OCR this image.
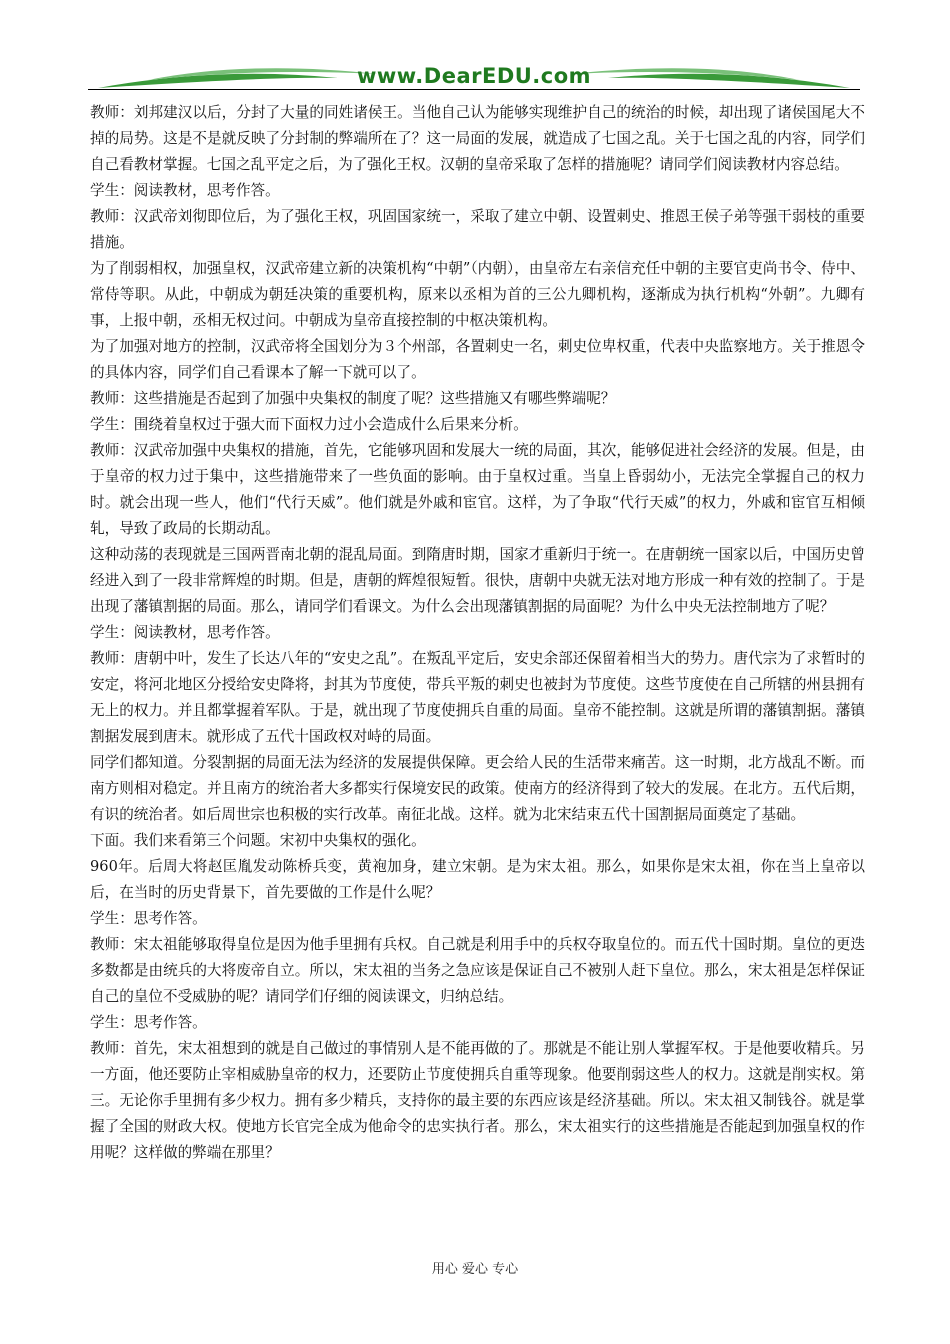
www.DearEDU.com

教师：刘邦建汉以后，分封了大量的同姓诸侯王。当他自己认为能够实现维护自己的统治的时候，却出现了诸侯国尾大不掉的局势。这是不是就反映了分封制的弊端所在了？这一局面的发展，就造成了七国之乱。关于七国之乱的内容，同学们自己看教材掌握。七国之乱平定之后，为了强化王权。汉朝的皇帝采取了怎样的措施呢？请同学们阅读教材内容总结。

学生：阅读教材，思考作答。

教师：汉武帝刘彻即位后，为了强化王权，巩固国家统一，采取了建立中朝、设置刺史、推恩王侯子弟等强干弱枝的重要措施。

为了削弱相权，加强皇权，汉武帝建立新的决策机构“中朝”（内朝），由皇帝左右亲信充任中朝的主要官吏尚书令、侍中、常侍等职。从此，中朝成为朝廷决策的重要机构，原来以丞相为首的三公九卿机构，逐渐成为执行机构“外朝”。九卿有事，上报中朝，丞相无权过问。中朝成为皇帝直接控制的中枢决策机构。

为了加强对地方的控制，汉武帝将全国划分为３个州部，各置刺史一名，刺史位卑权重，代表中央监察地方。关于推恩令的具体内容，同学们自己看课本了解一下就可以了。

教师：这些措施是否起到了加强中央集权的制度了呢？这些措施又有哪些弊端呢？

学生：围绕着皇权过于强大而下面权力过小会造成什么后果来分析。

教师：汉武帝加强中央集权的措施，首先，它能够巩固和发展大一统的局面，其次，能够促进社会经济的发展。但是，由于皇帝的权力过于集中，这些措施带来了一些负面的影响。由于皇权过重。当皇上昏弱幼小，无法完全掌握自己的权力时。就会出现一些人，他们“代行天威”。他们就是外戚和宦官。这样，为了争取“代行天威”的权力，外戚和宦官互相倾轧，导致了政局的长期动乱。

这种动荡的表现就是三国两晋南北朝的混乱局面。到隋唐时期，国家才重新归于统一。在唐朝统一国家以后，中国历史曾经进入到了一段非常辉煌的时期。但是，唐朝的辉煌很短暂。很快，唐朝中央就无法对地方形成一种有效的控制了。于是出现了藩镇割据的局面。那么，请同学们看课文。为什么会出现藩镇割据的局面呢？为什么中央无法控制地方了呢？

学生：阅读教材，思考作答。

教师：唐朝中叶，发生了长达八年的“安史之乱”。在叛乱平定后，安史余部还保留着相当大的势力。唐代宗为了求暂时的安定，将河北地区分授给安史降将，封其为节度使，带兵平叛的刺史也被封为节度使。这些节度使在自己所辖的州县拥有无上的权力。并且都掌握着军队。于是，就出现了节度使拥兵自重的局面。皇帝不能控制。这就是所谓的藩镇割据。藩镇割据发展到唐末。就形成了五代十国政权对峙的局面。

同学们都知道。分裂割据的局面无法为经济的发展提供保障。更会给人民的生活带来痛苦。这一时期，北方战乱不断。而南方则相对稳定。并且南方的统治者大多都实行保境安民的政策。使南方的经济得到了较大的发展。在北方。五代后期，有识的统治者。如后周世宗也积极的实行改革。南征北战。这样。就为北宋结束五代十国割据局面奠定了基础。

下面。我们来看第三个问题。宋初中央集权的强化。

960年。后周大将赵匡胤发动陈桥兵变，黄袍加身，建立宋朝。是为宋太祖。那么，如果你是宋太祖，你在当上皇帝以后，在当时的历史背景下，首先要做的工作是什么呢？

学生：思考作答。

教师：宋太祖能够取得皇位是因为他手里拥有兵权。自己就是利用手中的兵权夺取皇位的。而五代十国时期。皇位的更迭多数都是由统兵的大将废帝自立。所以，宋太祖的当务之急应该是保证自己不被别人赶下皇位。那么，宋太祖是怎样保证自己的皇位不受威胁的呢？请同学们仔细的阅读课文，归纳总结。

学生：思考作答。

教师：首先，宋太祖想到的就是自己做过的事情别人是不能再做的了。那就是不能让别人掌握军权。于是他要收精兵。另一方面，他还要防止宰相威胁皇帝的权力，还要防止节度使拥兵自重等现象。他要削弱这些人的权力。这就是削实权。第三。无论你手里拥有多少权力。拥有多少精兵，支持你的最主要的东西应该是经济基础。所以。宋太祖又制钱谷。就是掌握了全国的财政大权。使地方长官完全成为他命令的忠实执行者。那么，宋太祖实行的这些措施是否能起到加强皇权的作用呢？这样做的弊端在那里？

用心 爱心 专心
